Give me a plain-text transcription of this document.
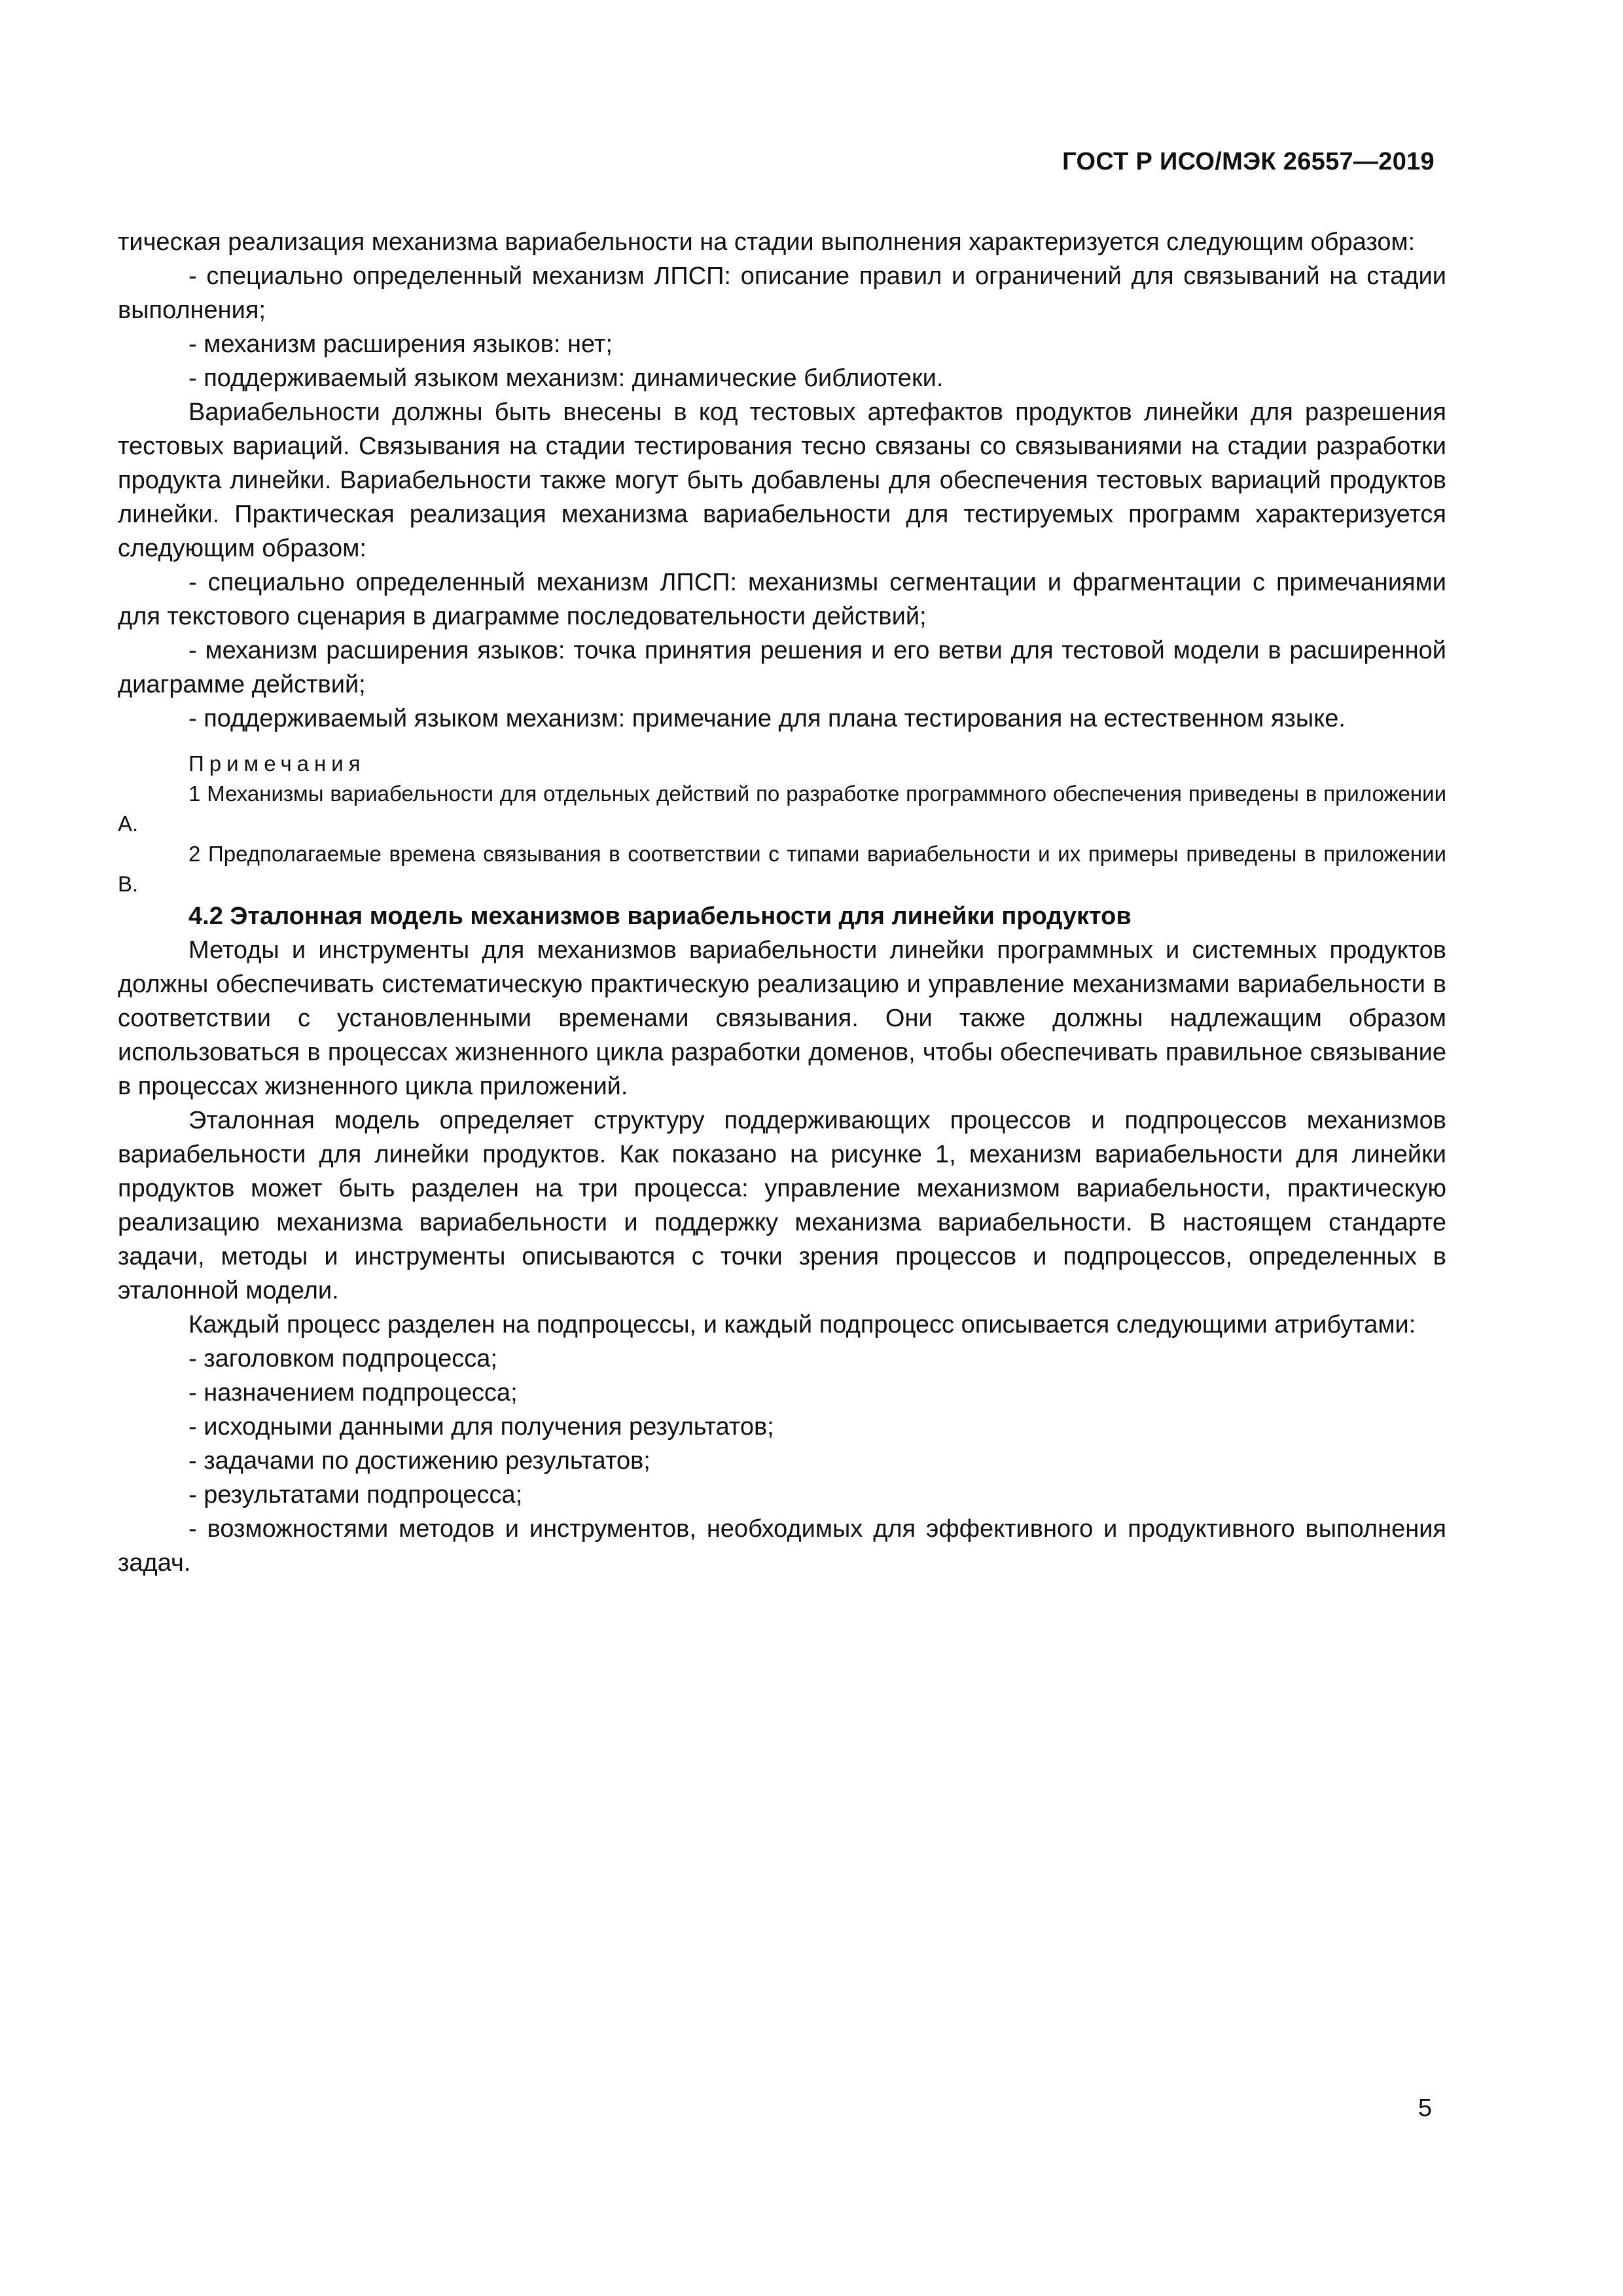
ГОСТ Р ИСО/МЭК 26557—2019

тическая реализация механизма вариабельности на стадии выполнения характеризуется следующим образом:

- специально определенный механизм ЛПСП: описание правил и ограничений для связываний на стадии выполнения;

- механизм расширения языков: нет;

- поддерживаемый языком механизм: динамические библиотеки.

Вариабельности должны быть внесены в код тестовых артефактов продуктов линейки для разрешения тестовых вариаций. Связывания на стадии тестирования тесно связаны со связываниями на стадии разработки продукта линейки. Вариабельности также могут быть добавлены для обеспечения тестовых вариаций продуктов линейки. Практическая реализация механизма вариабельности для тестируемых программ характеризуется следующим образом:

- специально определенный механизм ЛПСП: механизмы сегментации и фрагментации с примечаниями для текстового сценария в диаграмме последовательности действий;

- механизм расширения языков: точка принятия решения и его ветви для тестовой модели в расширенной диаграмме действий;

- поддерживаемый языком механизм: примечание для плана тестирования на естественном языке.

Примечания

1 Механизмы вариабельности для отдельных действий по разработке программного обеспечения приведены в приложении А.

2 Предполагаемые времена связывания в соответствии с типами вариабельности и их примеры приведены в приложении В.

4.2 Эталонная модель механизмов вариабельности для линейки продуктов

Методы и инструменты для механизмов вариабельности линейки программных и системных продуктов должны обеспечивать систематическую практическую реализацию и управление механизмами вариабельности в соответствии с установленными временами связывания. Они также должны надлежащим образом использоваться в процессах жизненного цикла разработки доменов, чтобы обеспечивать правильное связывание в процессах жизненного цикла приложений.

Эталонная модель определяет структуру поддерживающих процессов и подпроцессов механизмов вариабельности для линейки продуктов. Как показано на рисунке 1, механизм вариабельности для линейки продуктов может быть разделен на три процесса: управление механизмом вариабельности, практическую реализацию механизма вариабельности и поддержку механизма вариабельности. В настоящем стандарте задачи, методы и инструменты описываются с точки зрения процессов и подпроцессов, определенных в эталонной модели.

Каждый процесс разделен на подпроцессы, и каждый подпроцесс описывается следующими атрибутами:

- заголовком подпроцесса;

- назначением подпроцесса;

- исходными данными для получения результатов;

- задачами по достижению результатов;

- результатами подпроцесса;

- возможностями методов и инструментов, необходимых для эффективного и продуктивного выполнения задач.

5
